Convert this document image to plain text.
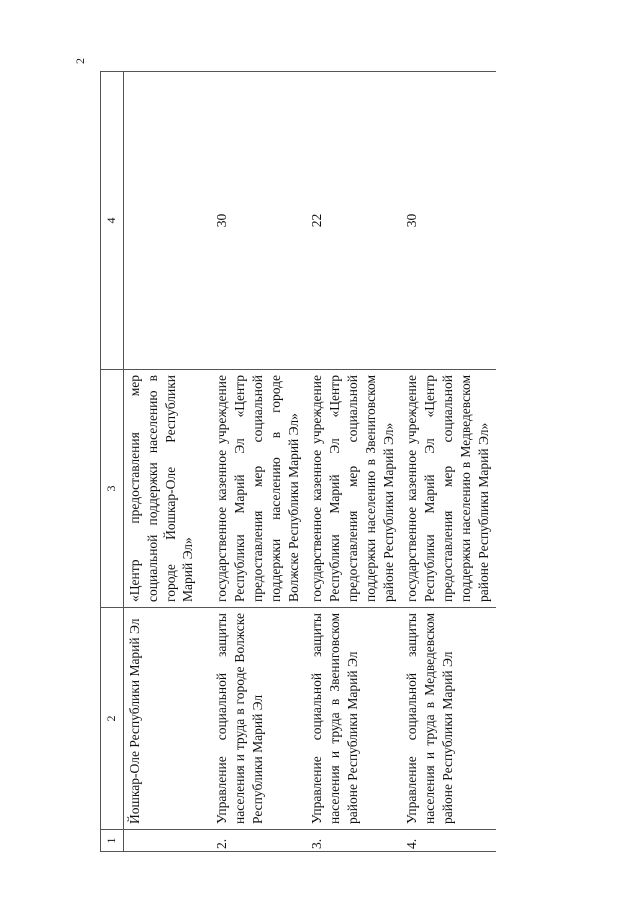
2
1	2	3	4
	Йошкар-Оле Республики Марий Эл	«Центр предоставления мер социальной поддержки населению в городе Йошкар-Оле Республики Марий Эл»	
2.	Управление социальной защиты населения и труда в городе Волжске Республики Марий Эл	государственное казенное учреждение Республики Марий Эл «Центр предоставления мер социальной поддержки населению в городе Волжске Республики Марий Эл»	30
3.	Управление социальной защиты населения и труда в Звениговском районе Республики Марий Эл	государственное казенное учреждение Республики Марий Эл «Центр предоставления мер социальной поддержки населению в Звениговском районе Республики Марий Эл»	22
4.	Управление социальной защиты населения и труда в Медведевском районе Республики Марий Эл	государственное казенное учреждение Республики Марий Эл «Центр предоставления мер социальной поддержки населению в Медведевском районе Республики Марий Эл»	30
